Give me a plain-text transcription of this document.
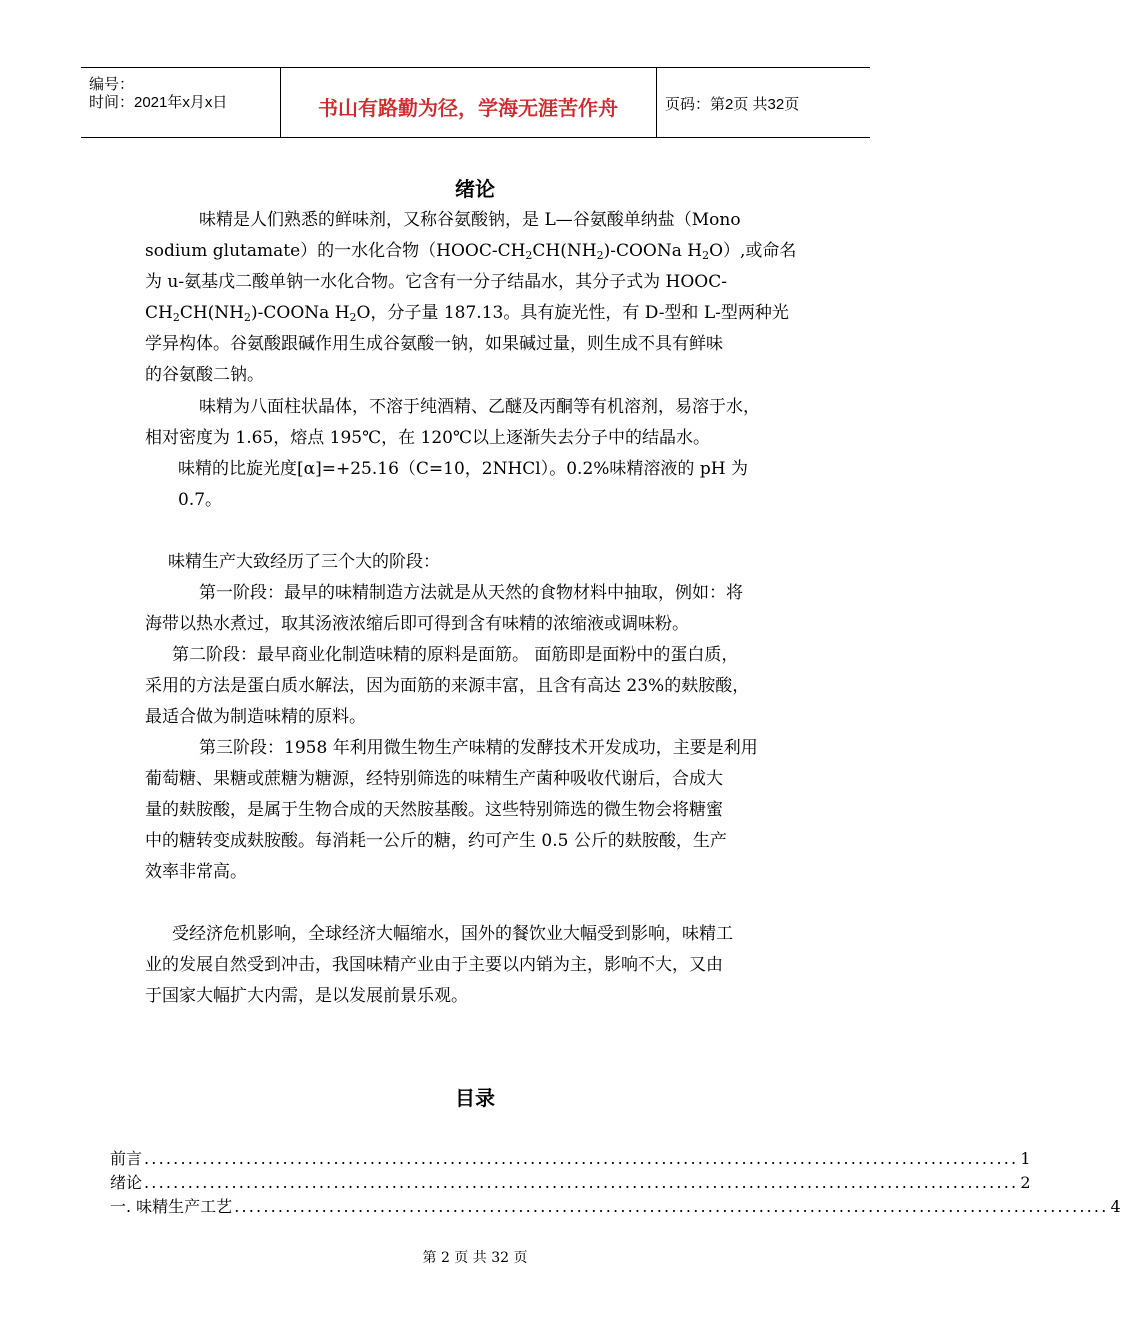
编号：
时间：2021年x月x日	书山有路勤为径，学海无涯苦作舟	页码：第2页 共32页
绪论
味精是人们熟悉的鲜味剂，又称谷氨酸钠，是 L—谷氨酸单纳盐（Mono
sodium glutamate）的一水化合物（$HOOC-CH_2CH(NH_2)$-COONa $H_2O$）,或命名
为 u-氨基戊二酸单钠一水化合物。它含有一分子结晶水，其分子式为 HOOC-
$CH_2CH(NH_2)$-COONa $H_2O$，分子量 187.13。具有旋光性，有 D-型和 L-型两种光
学异构体。谷氨酸跟碱作用生成谷氨酸一钠，如果碱过量，则生成不具有鲜味
的谷氨酸二钠。
味精为八面柱状晶体，不溶于纯酒精、乙醚及丙酮等有机溶剂，易溶于水，
相对密度为 1.65，熔点 195℃，在 120℃以上逐渐失去分子中的结晶水。
味精的比旋光度[α]=+25.16（C=10，2NHCl）。0.2%味精溶液的 pH 为
0.7。
味精生产大致经历了三个大的阶段：
第一阶段：最早的味精制造方法就是从天然的食物材料中抽取，例如：将
海带以热水煮过，取其汤液浓缩后即可得到含有味精的浓缩液或调味粉。
第二阶段：最早商业化制造味精的原料是面筋。 面筋即是面粉中的蛋白质，
采用的方法是蛋白质水解法，因为面筋的来源丰富，且含有高达 23%的麸胺酸，
最适合做为制造味精的原料。
第三阶段：1958 年利用微生物生产味精的发酵技术开发成功，主要是利用
葡萄糖、果糖或蔗糖为糖源，经特别筛选的味精生产菌种吸收代谢后，合成大
量的麸胺酸，是属于生物合成的天然胺基酸。这些特别筛选的微生物会将糖蜜
中的糖转变成麸胺酸。每消耗一公斤的糖，约可产生 0.5 公斤的麸胺酸，生产
效率非常高。
受经济危机影响，全球经济大幅缩水，国外的餐饮业大幅受到影响，味精工
业的发展自然受到冲击，我国味精产业由于主要以内销为主，影响不大，又由
于国家大幅扩大内需，是以发展前景乐观。
目录
前言 ........................................................................................................................ 1
绪论 ........................................................................................................................ 2
一. 味精生产工艺 ........................................................................................................................ 4
第 2 页 共 32 页
